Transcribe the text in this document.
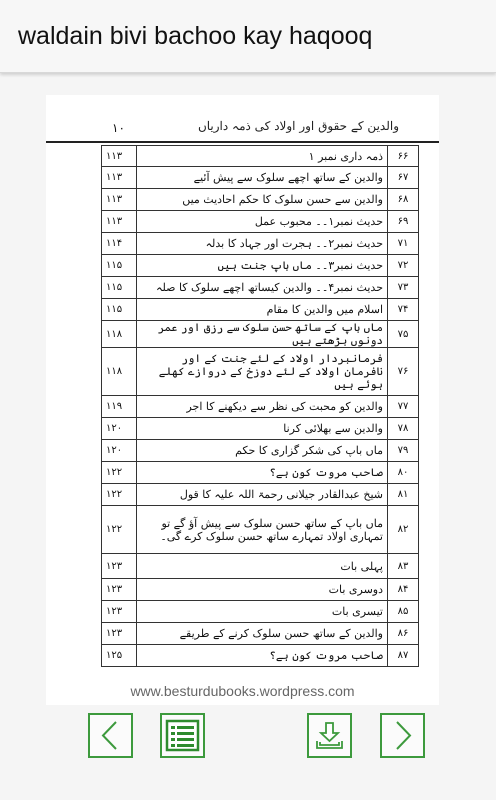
waldain bivi bachoo kay haqooq
۱۰	والدین کے حقوق اور اولاد کی ذمہ داریاں
۱۱۳	ذمہ داری نمبر ۱	۶۶
۱۱۳	والدین کے ساتھ اچھے سلوک سے پیش آئیے	۶۷
۱۱۳	والدین سے حسن سلوک کا حکم احادیث میں	۶۸
۱۱۳	حدیث نمبر۱۔۔ محبوب عمل	۶۹
۱۱۴	حدیث نمبر۲۔۔ ہجرت اور جہاد کا بدلہ	۷۱
۱۱۵	حدیث نمبر۳۔۔ ماں باپ جنت ہیں	۷۲
۱۱۵	حدیث نمبر۴۔۔ والدین کیساتھ اچھے سلوک کا صلہ	۷۳
۱۱۵	اسلام میں والدین کا مقام	۷۴
۱۱۸	ماں باپ کے ساتھ حسن سلوک سے رزق اور عمر دونوں بڑھتے ہیں	۷۵
۱۱۸	فرمانبردار اولاد کے لئے جنت کے اور نافرمان اولاد کے لئے دوزخ کے دروازے کھلے ہوئے ہیں	۷۶
۱۱۹	والدین کو محبت کی نظر سے دیکھنے کا اجر	۷۷
۱۲۰	والدین سے بھلائی کرنا	۷۸
۱۲۰	ماں باپ کی شکر گزاری کا حکم	۷۹
۱۲۲	صاحب مروت کون ہے؟	۸۰
۱۲۲	شیخ عبدالقادر جیلانی رحمۃ اللہ علیہ کا قول	۸۱
۱۲۲	ماں باپ کے ساتھ حسن سلوک سے پیش آؤ گے تو تمہاری اولاد تمہارے ساتھ حسن سلوک کرے گی۔	۸۲
۱۲۳	پہلی بات	۸۳
۱۲۳	دوسری بات	۸۴
۱۲۳	تیسری بات	۸۵
۱۲۳	والدین کے ساتھ حسن سلوک کرنے کے طریقے	۸۶
۱۲۵	صاحب مروت کون ہے؟	۸۷
www.besturdubooks.wordpress.com
